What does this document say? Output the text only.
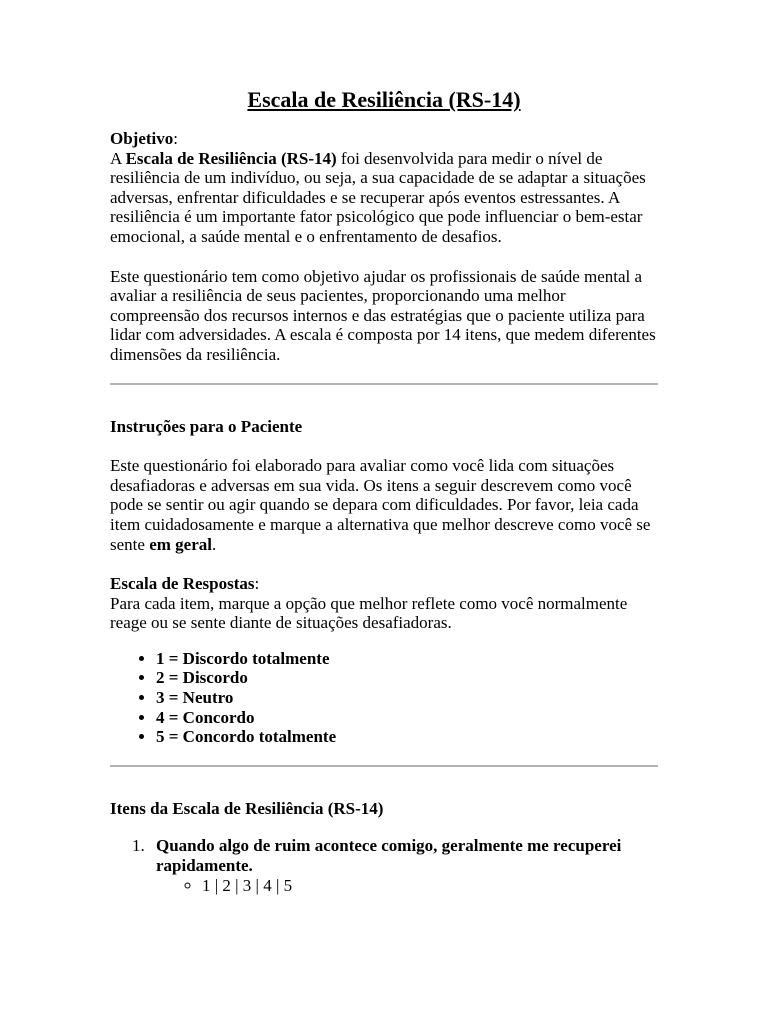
Escala de Resiliência (RS-14)

Objetivo:

A Escala de Resiliência (RS-14) foi desenvolvida para medir o nível de resiliência de um indivíduo, ou seja, a sua capacidade de se adaptar a situações adversas, enfrentar dificuldades e se recuperar após eventos estressantes. A resiliência é um importante fator psicológico que pode influenciar o bem-estar emocional, a saúde mental e o enfrentamento de desafios.

Este questionário tem como objetivo ajudar os profissionais de saúde mental a avaliar a resiliência de seus pacientes, proporcionando uma melhor compreensão dos recursos internos e das estratégias que o paciente utiliza para lidar com adversidades. A escala é composta por 14 itens, que medem diferentes dimensões da resiliência.

Instruções para o Paciente

Este questionário foi elaborado para avaliar como você lida com situações desafiadoras e adversas em sua vida. Os itens a seguir descrevem como você pode se sentir ou agir quando se depara com dificuldades. Por favor, leia cada item cuidadosamente e marque a alternativa que melhor descreve como você se sente em geral.

Escala de Respostas:

Para cada item, marque a opção que melhor reflete como você normalmente reage ou se sente diante de situações desafiadoras.

• 1 = Discordo totalmente
• 2 = Discordo
• 3 = Neutro
• 4 = Concordo
• 5 = Concordo totalmente

Itens da Escala de Resiliência (RS-14)

1. Quando algo de ruim acontece comigo, geralmente me recuperei rapidamente.
◦ 1 | 2 | 3 | 4 | 5
